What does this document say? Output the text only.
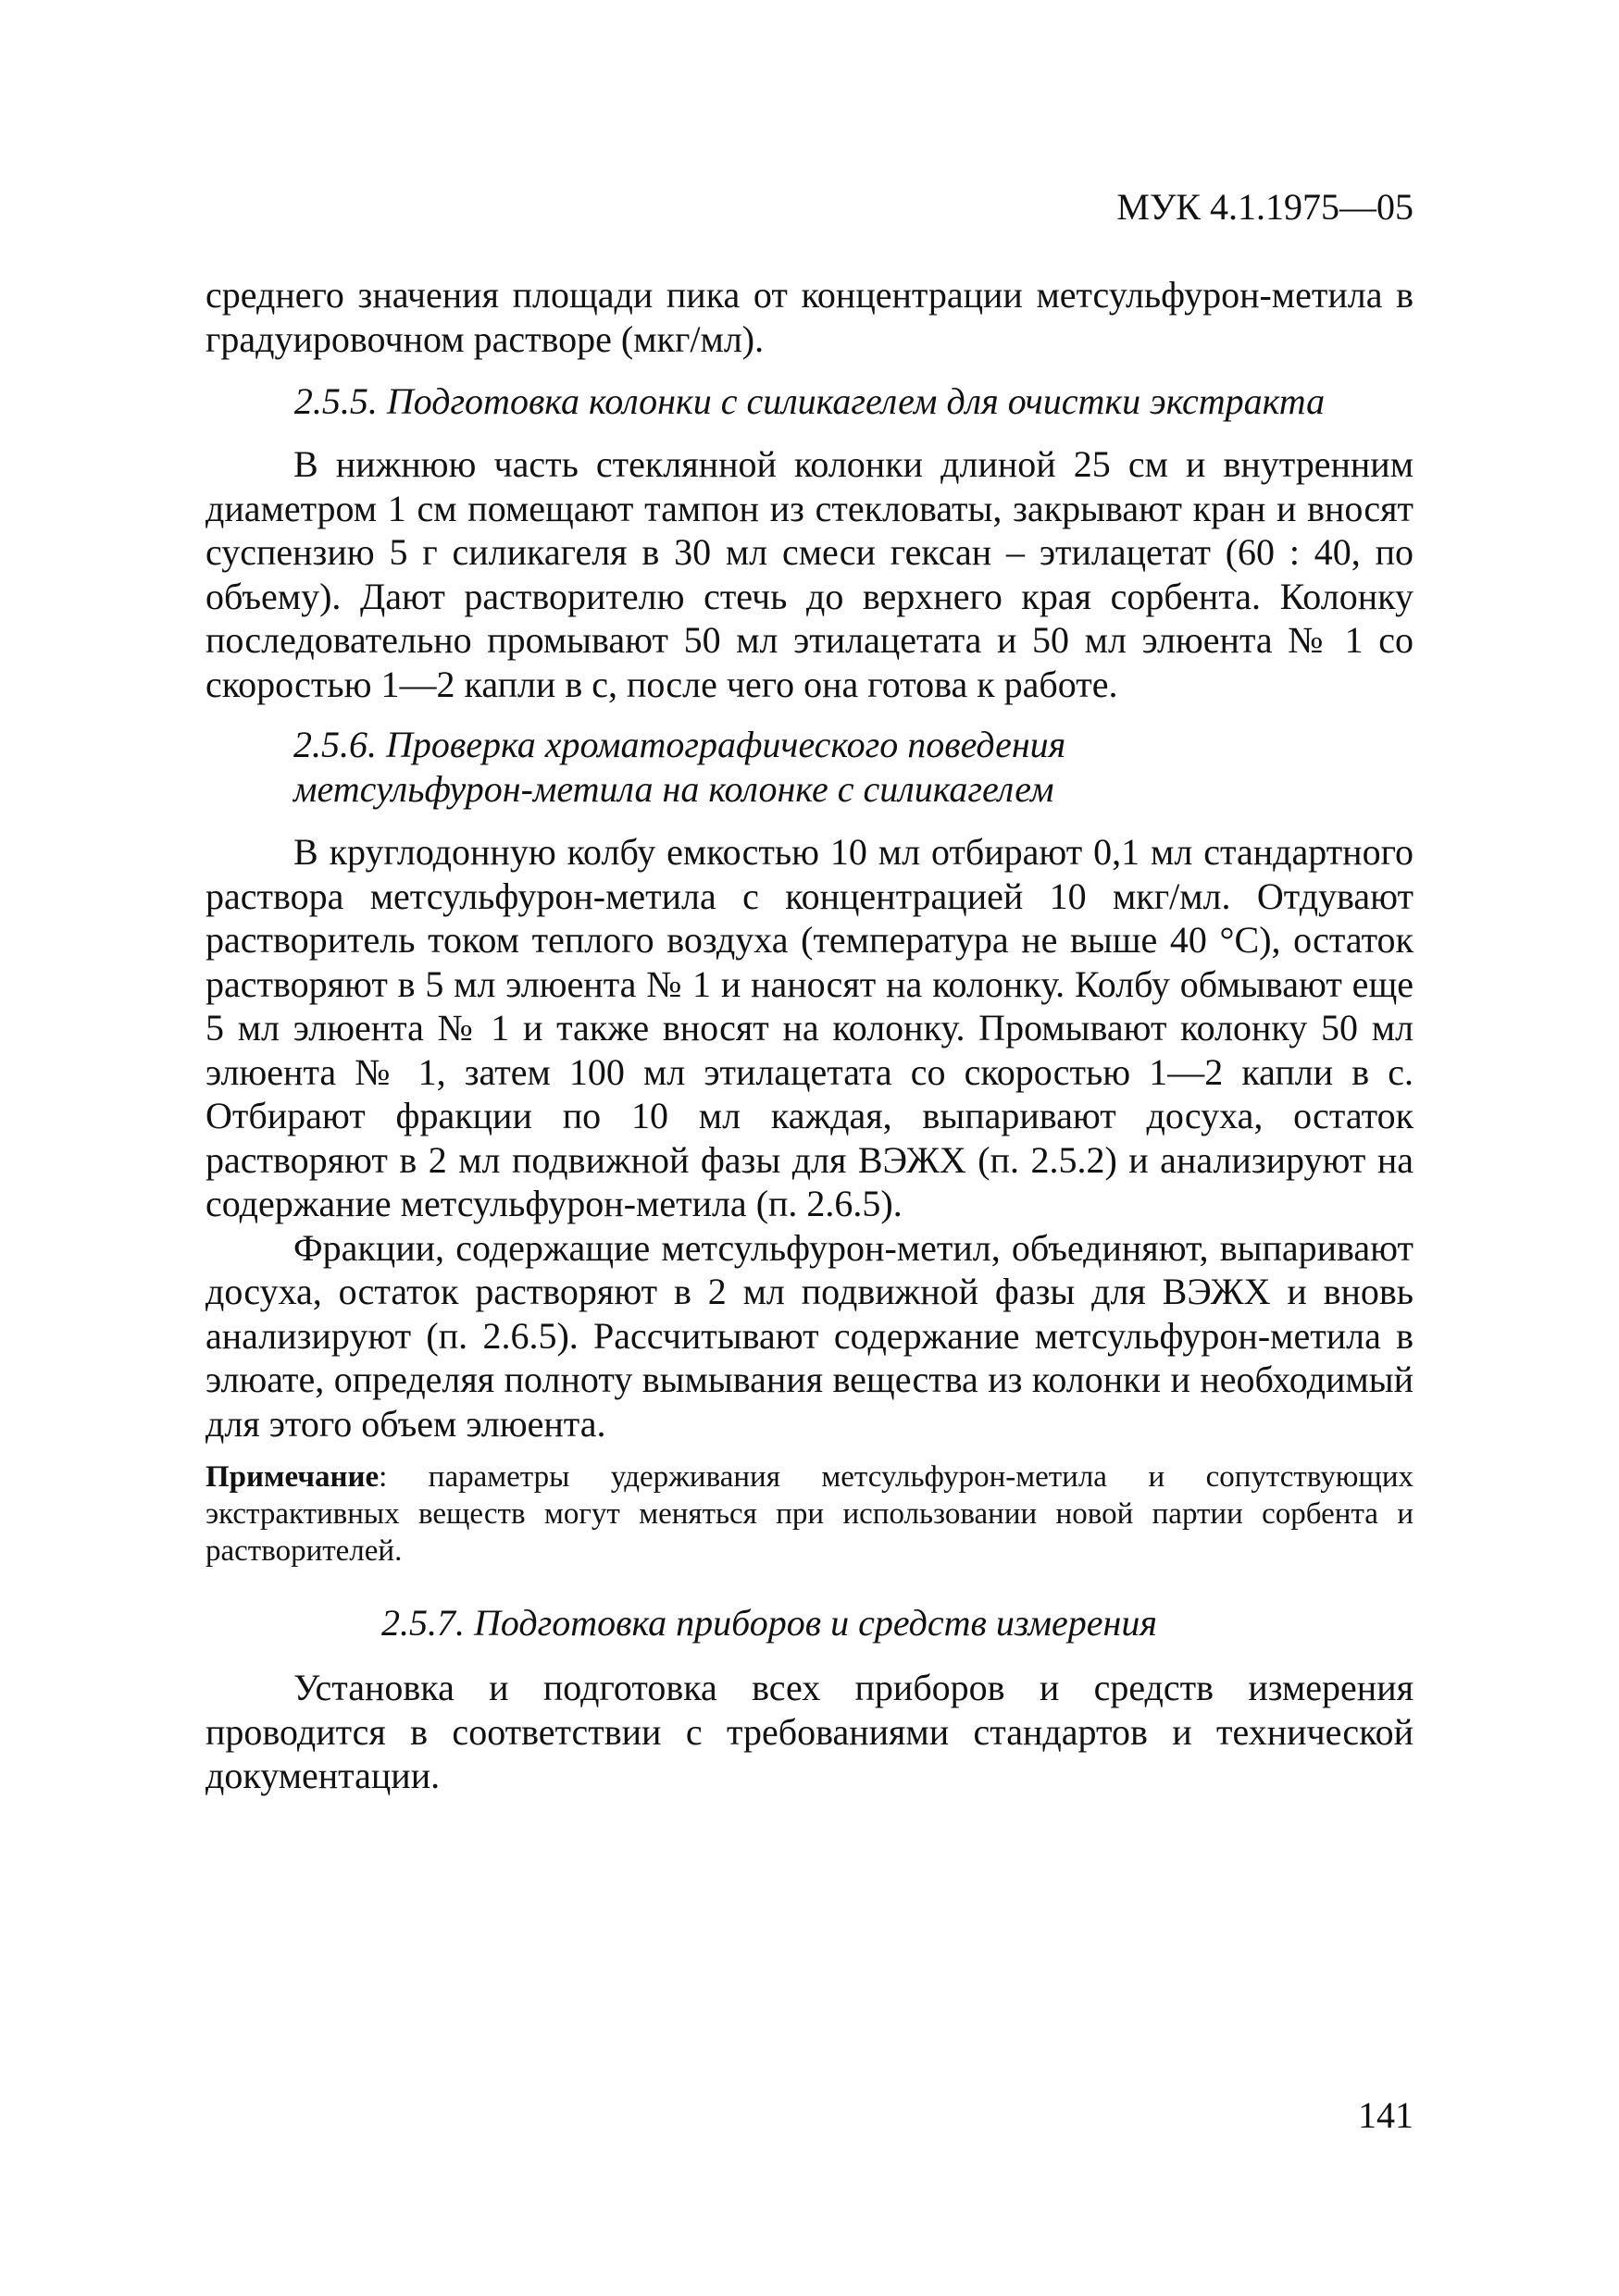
МУК 4.1.1975—05

среднего значения площади пика от концентрации метсульфурон-метила в градуировочном растворе (мкг/мл).

2.5.5. Подготовка колонки с силикагелем для очистки экстракта

В нижнюю часть стеклянной колонки длиной 25 см и внутренним диаметром 1 см помещают тампон из стекловаты, закрывают кран и вносят суспензию 5 г силикагеля в 30 мл смеси гексан – этилацетат (60 : 40, по объему). Дают растворителю стечь до верхнего края сорбента. Колонку последовательно промывают 50 мл этилацетата и 50 мл элюента № 1 со скоростью 1—2 капли в с, после чего она готова к работе.

2.5.6. Проверка хроматографического поведения
метсульфурон-метила на колонке с силикагелем

В круглодонную колбу емкостью 10 мл отбирают 0,1 мл стандартного раствора метсульфурон-метила с концентрацией 10 мкг/мл. Отдувают растворитель током теплого воздуха (температура не выше 40 °С), остаток растворяют в 5 мл элюента № 1 и наносят на колонку. Колбу обмывают еще 5 мл элюента № 1 и также вносят на колонку. Промывают колонку 50 мл элюента № 1, затем 100 мл этилацетата со скоростью 1—2 капли в с. Отбирают фракции по 10 мл каждая, выпаривают досуха, остаток растворяют в 2 мл подвижной фазы для ВЭЖХ (п. 2.5.2) и анализируют на содержание метсульфурон-метила (п. 2.6.5).

Фракции, содержащие метсульфурон-метил, объединяют, выпаривают досуха, остаток растворяют в 2 мл подвижной фазы для ВЭЖХ и вновь анализируют (п. 2.6.5). Рассчитывают содержание метсульфурон-метила в элюате, определяя полноту вымывания вещества из колонки и необходимый для этого объем элюента.

Примечание: параметры удерживания метсульфурон-метила и сопутствующих экстрактивных веществ могут меняться при использовании новой партии сорбента и растворителей.
2.5.7. Подготовка приборов и средств измерения

Установка и подготовка всех приборов и средств измерения проводится в соответствии с требованиями стандартов и технической документации.

141
